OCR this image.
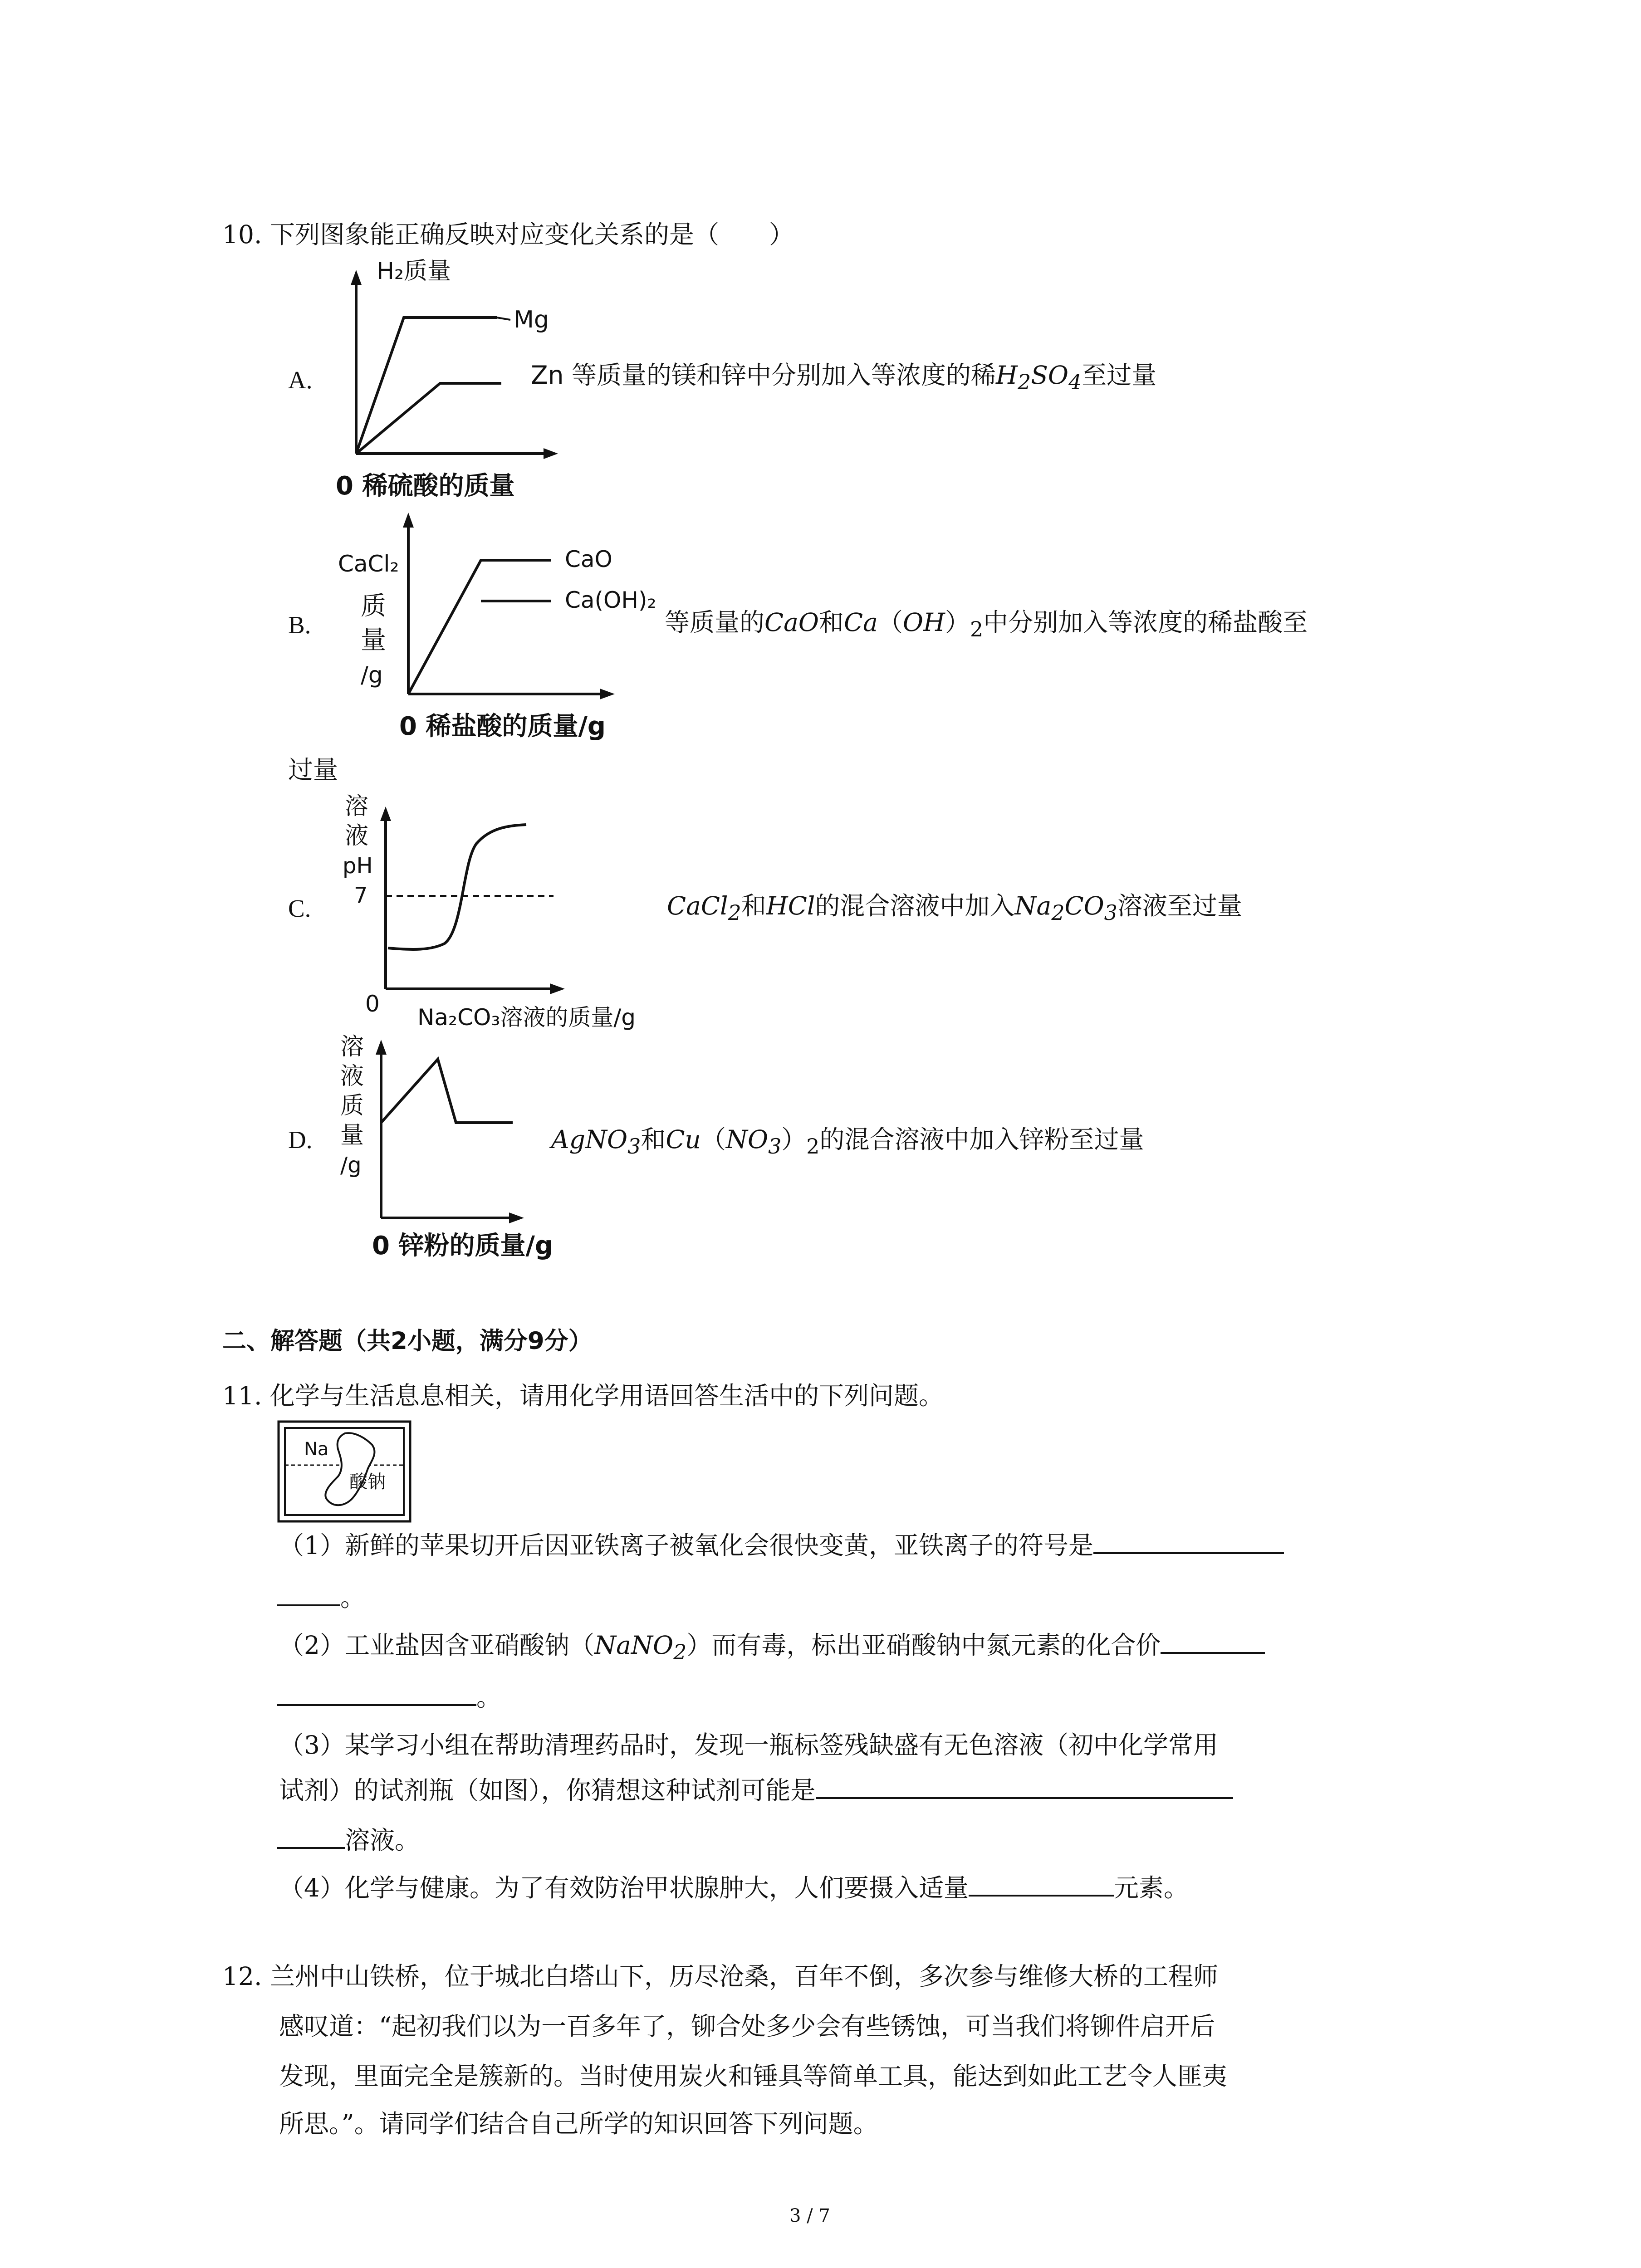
10. 下列图象能正确反映对应变化关系的是（　　）
A.
H₂质量
Mg
0 稀硫酸的质量
Zn 等质量的镁和锌中分别加入等浓度的稀$H_2SO_4$至过量
B.
CaCl₂
质
量
/g
CaO
Ca(OH)₂
0 稀盐酸的质量/g
等质量的CaO和$Ca(OH)_2$中分别加入等浓度的稀盐酸至
过量
C.
溶
液
pH
7
0
Na₂CO₃溶液的质量/g
CaCl$_2$和HCl的混合溶液中加入$Na_2CO_3$溶液至过量
D.
溶
液
质
量
/g
0 锌粉的质量/g
AgNO$_3$和$Cu(NO_3)_2$的混合溶液中加入锌粉至过量
二、解答题（共2小题，满分9分）
11. 化学与生活息息相关，请用化学用语回答生活中的下列问题。
Na
酸钠
（1）新鲜的苹果切开后因亚铁离子被氧化会很快变黄，亚铁离子的符号是
。
（2）工业盐因含亚硝酸钠（NaNO$_2$）而有毒，标出亚硝酸钠中氮元素的化合价
。
（3）某学习小组在帮助清理药品时，发现一瓶标签残缺盛有无色溶液（初中化学常用
试剂）的试剂瓶（如图），你猜想这种试剂可能是
溶液。
（4）化学与健康。为了有效防治甲状腺肿大，人们要摄入适量	元素。
12. 兰州中山铁桥，位于城北白塔山下，历尽沧桑，百年不倒，多次参与维修大桥的工程师
感叹道：“起初我们以为一百多年了，铆合处多少会有些锈蚀，可当我们将铆件启开后
发现，里面完全是簇新的。当时使用炭火和锤具等简单工具，能达到如此工艺令人匪夷
所思。”。请同学们结合自己所学的知识回答下列问题。
3 / 7
